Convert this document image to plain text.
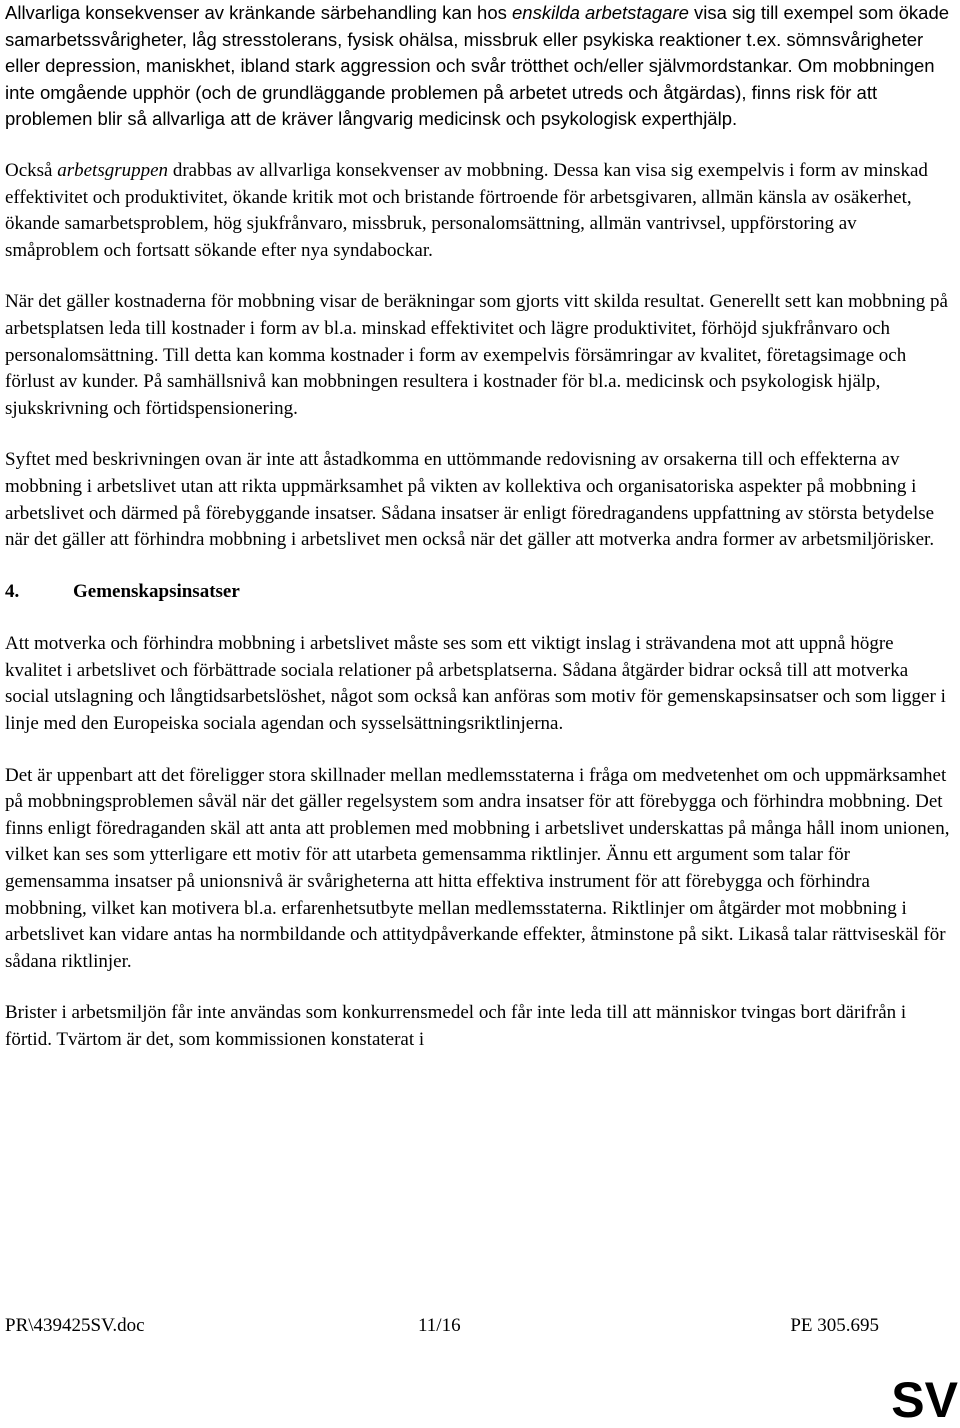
Allvarliga konsekvenser av kränkande särbehandling kan hos enskilda arbetstagare visa sig till exempel som ökade samarbetssvårigheter, låg stresstolerans, fysisk ohälsa, missbruk eller psykiska reaktioner t.ex. sömnsvårigheter eller depression, maniskhet, ibland stark aggression och svår trötthet och/eller självmordstankar. Om mobbningen inte omgående upphör (och de grundläggande problemen på arbetet utreds och åtgärdas), finns risk för att problemen blir så allvarliga att de kräver långvarig medicinsk och psykologisk experthjälp.

Också arbetsgruppen drabbas av allvarliga konsekvenser av mobbning. Dessa kan visa sig exempelvis i form av minskad effektivitet och produktivitet, ökande kritik mot och bristande förtroende för arbetsgivaren, allmän känsla av osäkerhet, ökande samarbetsproblem, hög sjukfrånvaro, missbruk, personalomsättning, allmän vantrivsel, uppförstoring av småproblem och fortsatt sökande efter nya syndabockar.

När det gäller kostnaderna för mobbning visar de beräkningar som gjorts vitt skilda resultat. Generellt sett kan mobbning på arbetsplatsen leda till kostnader i form av bl.a. minskad effektivitet och lägre produktivitet, förhöjd sjukfrånvaro och personalomsättning. Till detta kan komma kostnader i form av exempelvis försämringar av kvalitet, företagsimage och förlust av kunder. På samhällsnivå kan mobbningen resultera i kostnader för bl.a. medicinsk och psykologisk hjälp, sjukskrivning och förtidspensionering.

Syftet med beskrivningen ovan är inte att åstadkomma en uttömmande redovisning av orsakerna till och effekterna av mobbning i arbetslivet utan att rikta uppmärksamhet på vikten av kollektiva och organisatoriska aspekter på mobbning i arbetslivet och därmed på förebyggande insatser. Sådana insatser är enligt föredragandens uppfattning av största betydelse när det gäller att förhindra mobbning i arbetslivet men också när det gäller att motverka andra former av arbetsmiljörisker.

4.	Gemenskapsinsatser

Att motverka och förhindra mobbning i arbetslivet måste ses som ett viktigt inslag i strävandena mot att uppnå högre kvalitet i arbetslivet och förbättrade sociala relationer på arbetsplatserna. Sådana åtgärder bidrar också till att motverka social utslagning och långtidsarbetslöshet, något som också kan anföras som motiv för gemenskapsinsatser och som ligger i linje med den Europeiska sociala agendan och sysselsättningsriktlinjerna.

Det är uppenbart att det föreligger stora skillnader mellan medlemsstaterna i fråga om medvetenhet om och uppmärksamhet på mobbningsproblemen såväl när det gäller regelsystem som andra insatser för att förebygga och förhindra mobbning. Det finns enligt föredraganden skäl att anta att problemen med mobbning i arbetslivet underskattas på många håll inom unionen, vilket kan ses som ytterligare ett motiv för att utarbeta gemensamma riktlinjer. Ännu ett argument som talar för gemensamma insatser på unionsnivå är svårigheterna att hitta effektiva instrument för att förebygga och förhindra mobbning, vilket kan motivera bl.a. erfarenhetsutbyte mellan medlemsstaterna. Riktlinjer om åtgärder mot mobbning i arbetslivet kan vidare antas ha normbildande och attitydpåverkande effekter, åtminstone på sikt. Likaså talar rättviseskäl för sådana riktlinjer.

Brister i arbetsmiljön får inte användas som konkurrensmedel och får inte leda till att människor tvingas bort därifrån i förtid. Tvärtom är det, som kommissionen konstaterat i

PR\439425SV.doc	11/16	PE 305.695
SV
